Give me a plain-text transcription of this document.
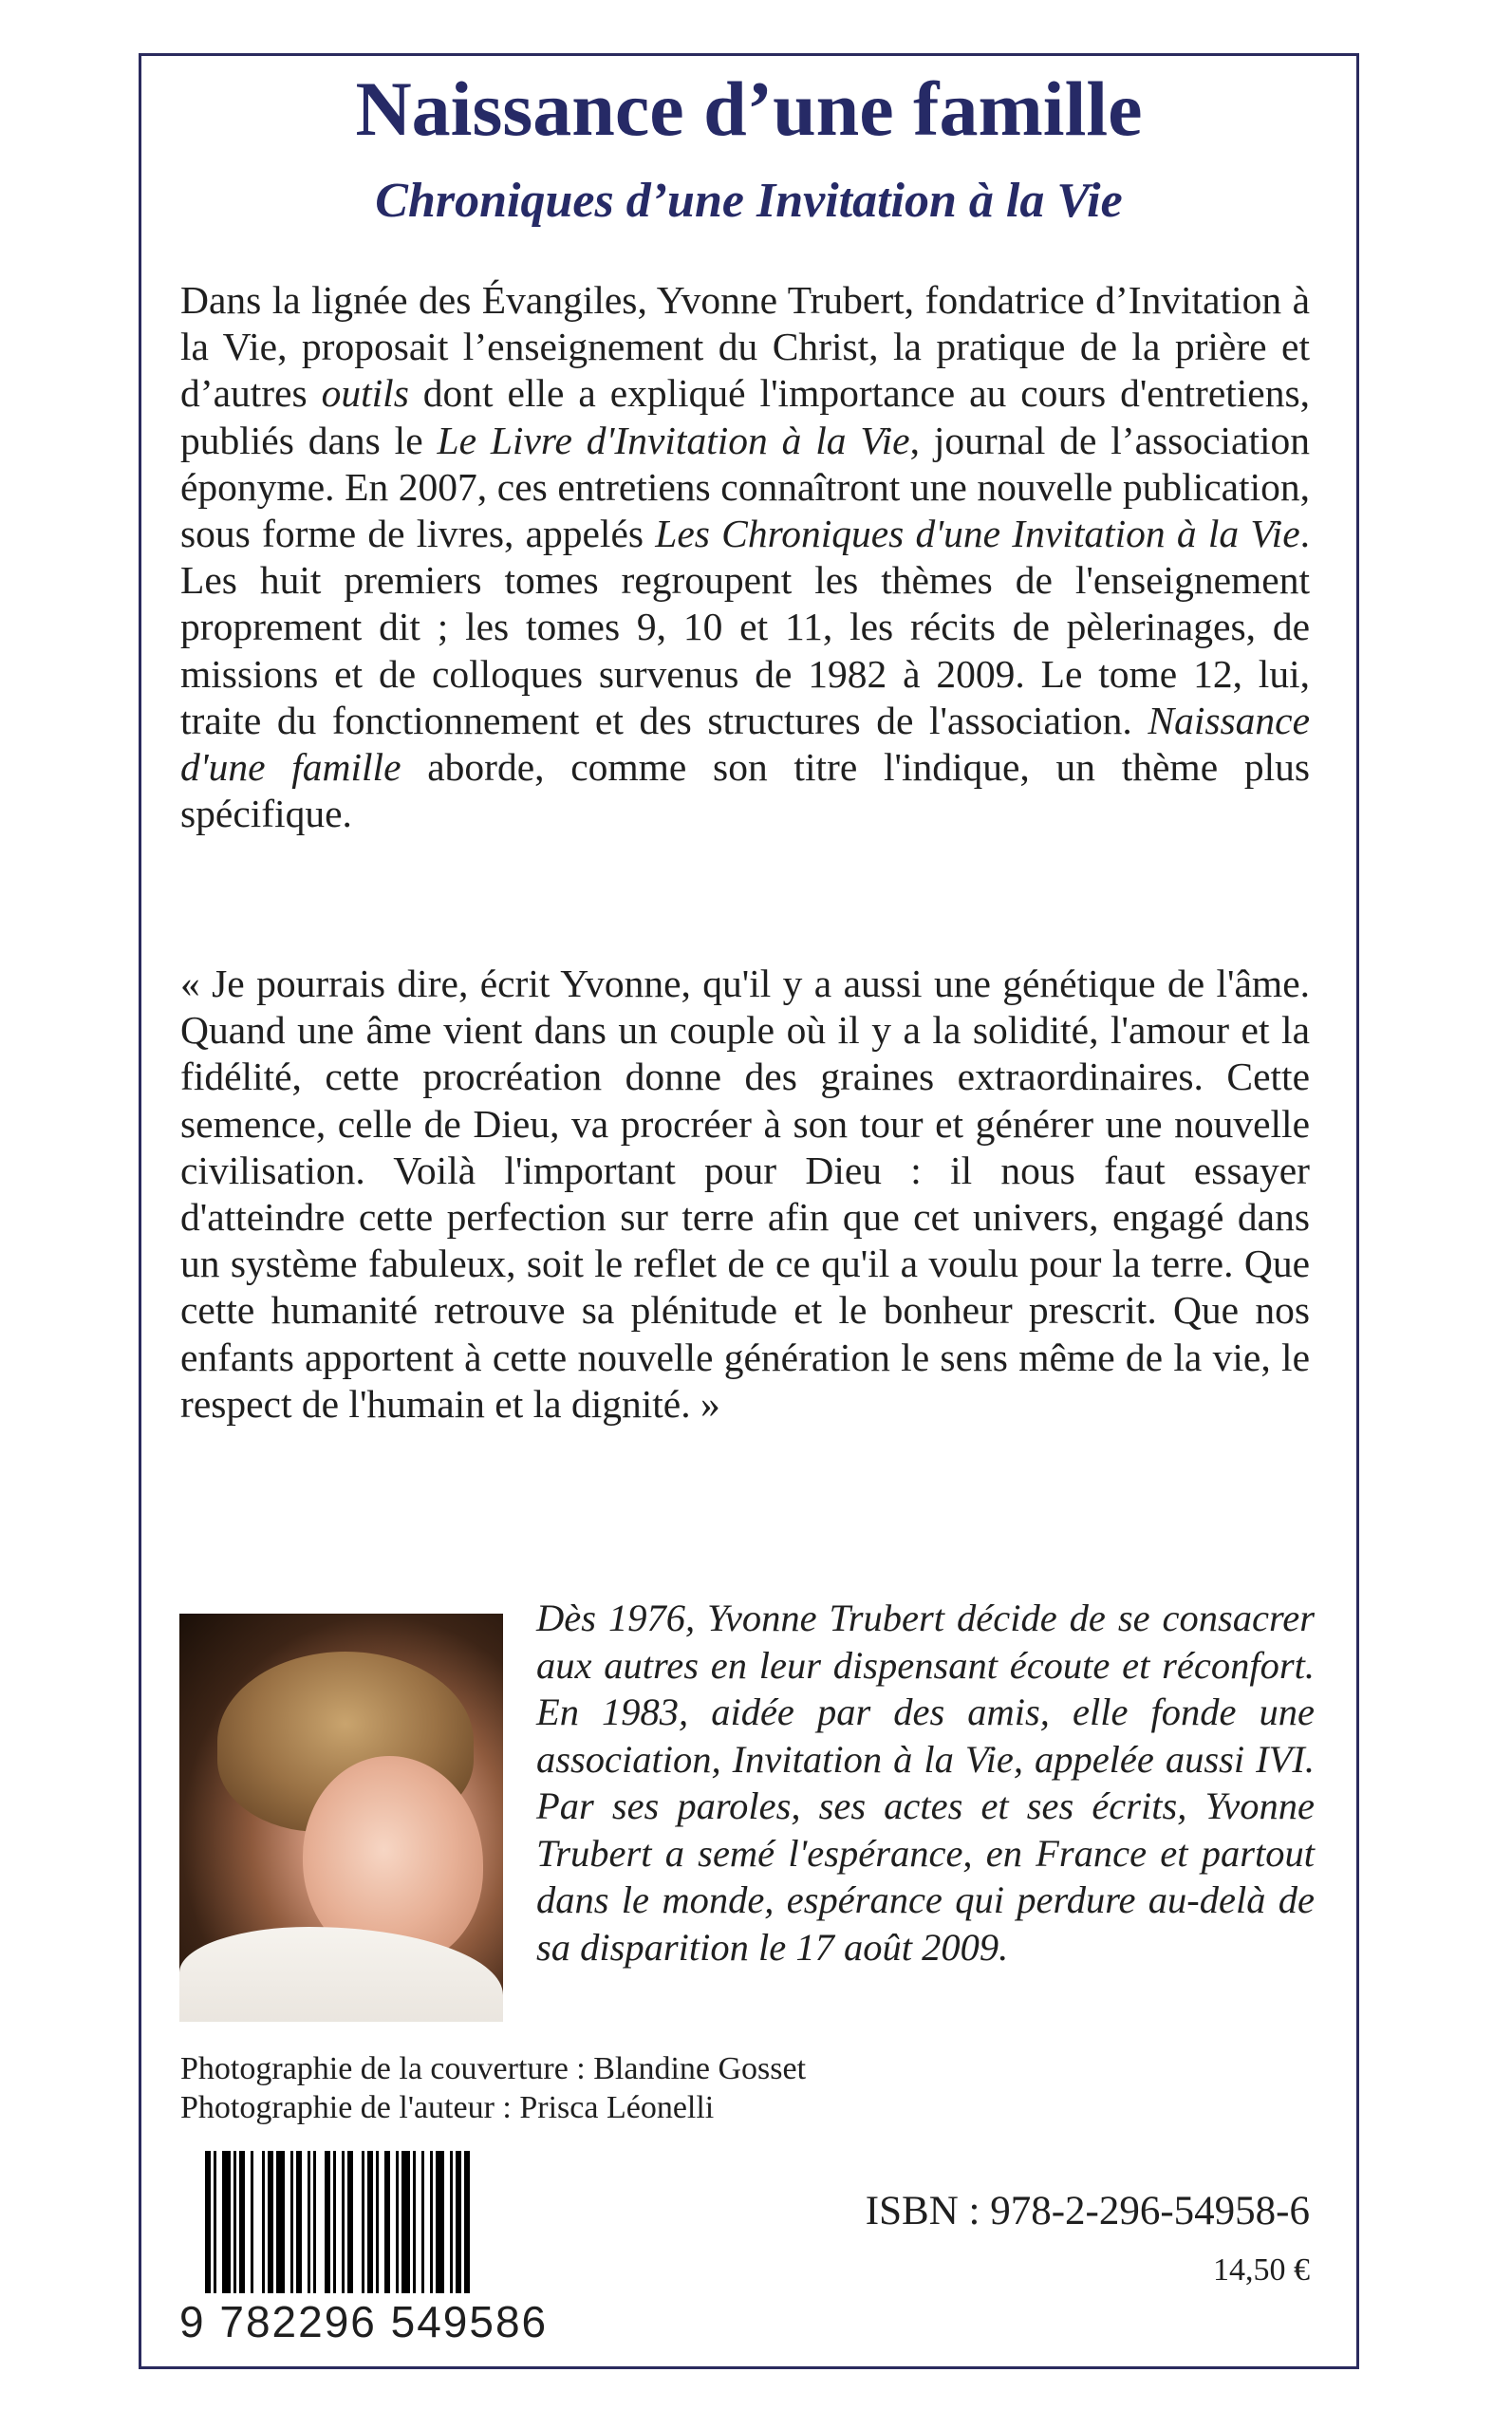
Naissance d’une famille
Chroniques d’une Invitation à la Vie

Dans la lignée des Évangiles, Yvonne Trubert, fondatrice d’Invitation à la Vie, proposait l’enseignement du Christ, la pratique de la prière et d’autres outils dont elle a expliqué l'importance au cours d'entretiens, publiés dans le Le Livre d'Invitation à la Vie, journal de l’association éponyme. En 2007, ces entretiens connaîtront une nouvelle publication, sous forme de livres, appelés Les Chroniques d'une Invitation à la Vie. Les huit premiers tomes regroupent les thèmes de l'enseignement proprement dit ; les tomes 9, 10 et 11, les récits de pèlerinages, de missions et de colloques survenus de 1982 à 2009. Le tome 12, lui, traite du fonctionnement et des structures de l'association. Naissance d'une famille aborde, comme son titre l'indique, un thème plus spécifique.

« Je pourrais dire, écrit Yvonne, qu'il y a aussi une génétique de l'âme. Quand une âme vient dans un couple où il y a la solidité, l'amour et la fidélité, cette procréation donne des graines extraordinaires. Cette semence, celle de Dieu, va procréer à son tour et générer une nouvelle civilisation. Voilà l'important pour Dieu : il nous faut essayer d'atteindre cette perfection sur terre afin que cet univers, engagé dans un système fabuleux, soit le reflet de ce qu'il a voulu pour la terre. Que cette humanité retrouve sa plénitude et le bonheur prescrit. Que nos enfants apportent à cette nouvelle génération le sens même de la vie, le respect de l'humain et la dignité. »

Dès 1976, Yvonne Trubert décide de se consacrer aux autres en leur dispensant écoute et réconfort. En 1983, aidée par des amis, elle fonde une association, Invitation à la Vie, appelée aussi IVI. Par ses paroles, ses actes et ses écrits, Yvonne Trubert a semé l'espérance, en France et partout dans le monde, espérance qui perdure au-delà de sa disparition le 17 août 2009.

Photographie de la couverture : Blandine Gosset

Photographie de l'auteur : Prisca Léonelli

9 782296 549586

ISBN : 978-2-296-54958-6

14,50 €
